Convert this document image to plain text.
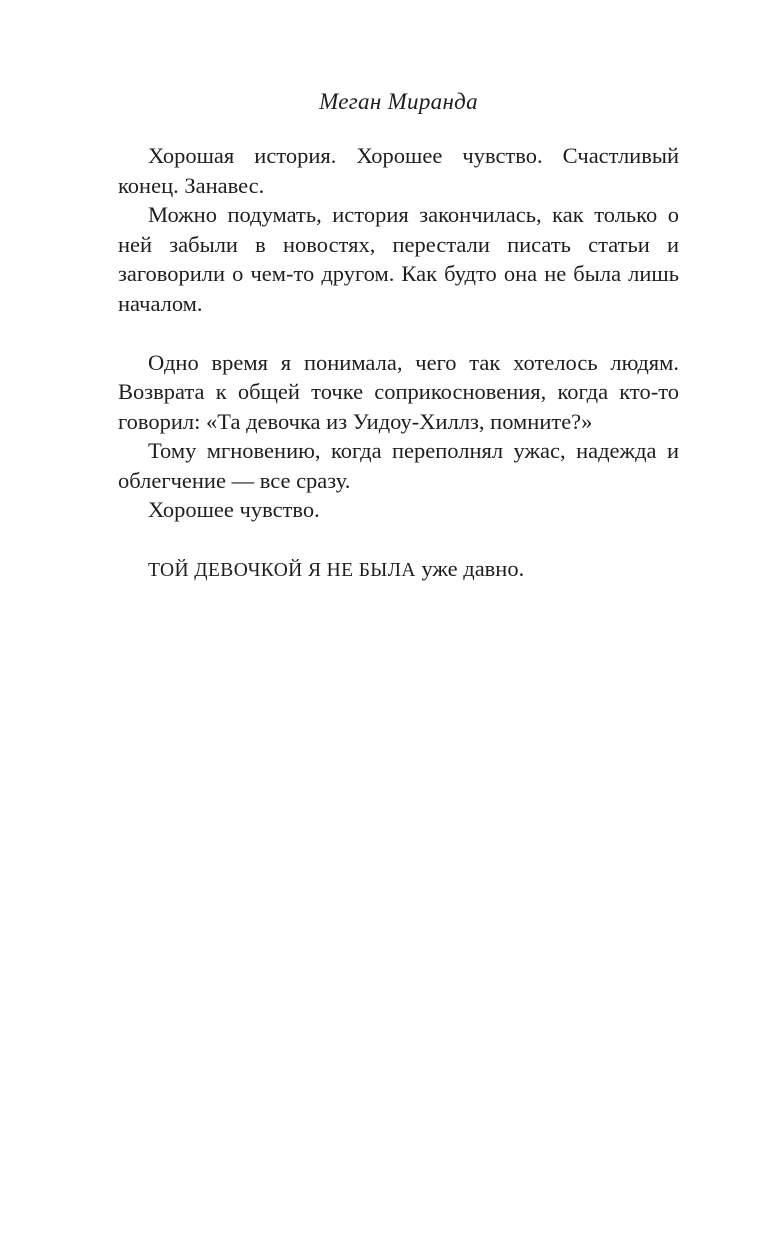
Меган Миранда

Хорошая история. Хорошее чувство. Счастливый конец. Занавес.

Можно подумать, история закончилась, как только о ней забыли в новостях, перестали писать статьи и заговорили о чем-то другом. Как будто она не была лишь началом.

Одно время я понимала, чего так хотелось людям. Возврата к общей точке соприкосновения, когда кто-то говорил: «Та девочка из Уидоу-Хиллз, помните?»

Тому мгновению, когда переполнял ужас, надежда и облегчение — все сразу.

Хорошее чувство.

ТОЙ ДЕВОЧКОЙ Я НЕ БЫЛА уже давно.
